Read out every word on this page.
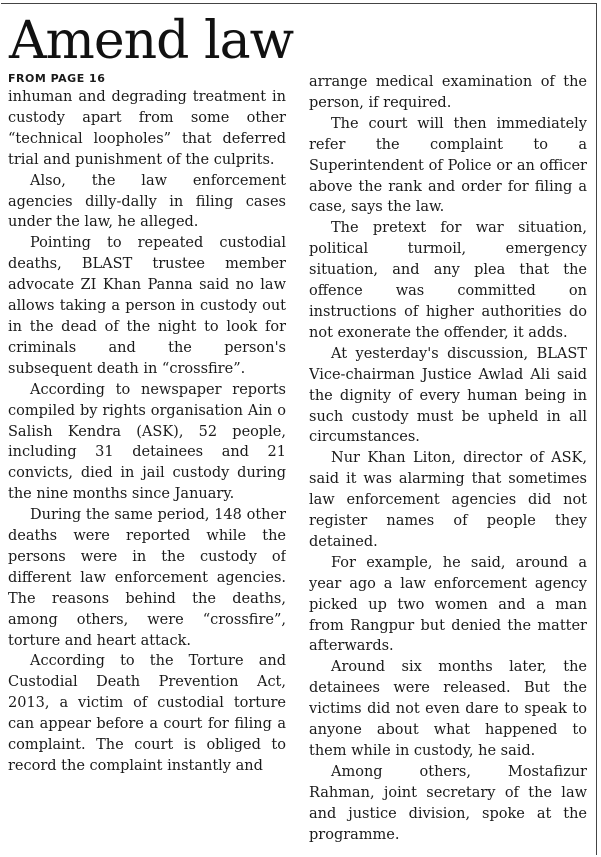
Amend law
FROM PAGE 16

inhuman and degrading treatment in custody apart from some other “technical loopholes” that deferred trial and punishment of the culprits.

Also, the law enforcement agencies dilly-dally in filing cases under the law, he alleged.

Pointing to repeated custodial deaths, BLAST trustee member advocate ZI Khan Panna said no law allows taking a person in custody out in the dead of the night to look for criminals and the person's subsequent death in “crossfire”.

According to newspaper reports compiled by rights organisation Ain o Salish Kendra (ASK), 52 people, including 31 detainees and 21 convicts, died in jail custody during the nine months since January.

During the same period, 148 other deaths were reported while the persons were in the custody of different law enforcement agencies. The reasons behind the deaths, among others, were “crossfire”, torture and heart attack.

According to the Torture and Custodial Death Prevention Act, 2013, a victim of custodial torture can appear before a court for filing a complaint. The court is obliged to record the complaint instantly and

arrange medical examination of the person, if required.

The court will then immediately refer the complaint to a Superintendent of Police or an officer above the rank and order for filing a case, says the law.

The pretext for war situation, political turmoil, emergency situation, and any plea that the offence was committed on instructions of higher authorities do not exonerate the offender, it adds.

At yesterday's discussion, BLAST Vice-chairman Justice Awlad Ali said the dignity of every human being in such custody must be upheld in all circumstances.

Nur Khan Liton, director of ASK, said it was alarming that sometimes law enforcement agencies did not register names of people they detained.

For example, he said, around a year ago a law enforcement agency picked up two women and a man from Rangpur but denied the matter afterwards.

Around six months later, the detainees were released. But the victims did not even dare to speak to anyone about what happened to them while in custody, he said.

Among others, Mostafizur Rahman, joint secretary of the law and justice division, spoke at the programme.
